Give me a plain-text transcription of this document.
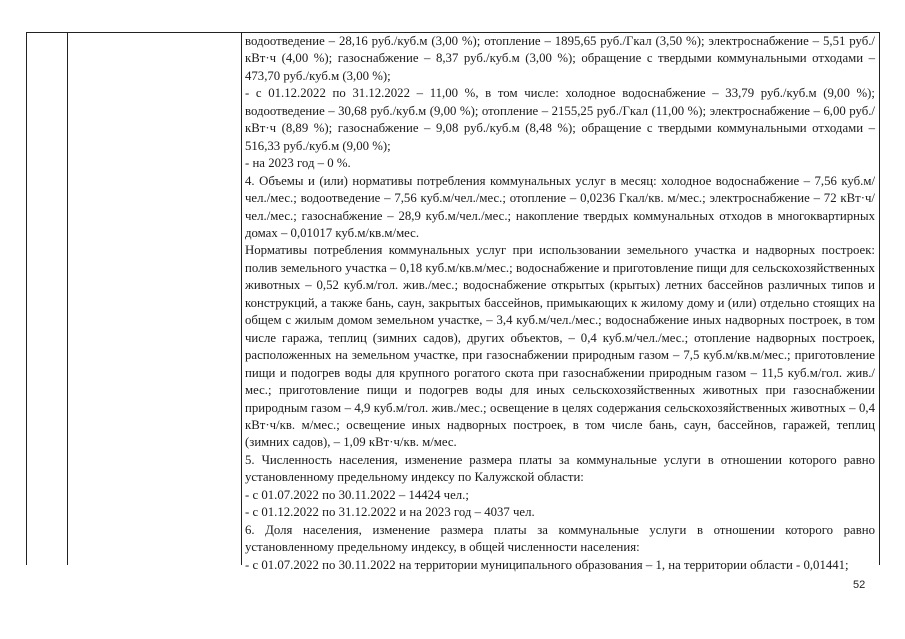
водоотведение – 28,16 руб./куб.м (3,00 %); отопление – 1895,65 руб./Гкал (3,50 %); электроснабжение – 5,51 руб./кВт·ч (4,00 %); газоснабжение – 8,37 руб./куб.м (3,00 %); обращение с твердыми коммунальными отходами – 473,70 руб./куб.м (3,00 %);

- с 01.12.2022 по 31.12.2022 – 11,00 %, в том числе: холодное водоснабжение – 33,79 руб./куб.м (9,00 %); водоотведение – 30,68 руб./куб.м (9,00 %); отопление – 2155,25 руб./Гкал (11,00 %); электроснабжение – 6,00 руб./кВт·ч (8,89 %); газоснабжение – 9,08 руб./куб.м (8,48 %); обращение с твердыми коммунальными отходами – 516,33 руб./куб.м (9,00 %);

- на 2023 год – 0 %.

4. Объемы и (или) нормативы потребления коммунальных услуг в месяц: холодное водоснабжение – 7,56 куб.м/чел./мес.; водоотведение – 7,56 куб.м/чел./мес.; отопление – 0,0236 Гкал/кв. м/мес.; электроснабжение – 72 кВт·ч/чел./мес.; газоснабжение – 28,9 куб.м/чел./мес.; накопление твердых коммунальных отходов в многоквартирных домах – 0,01017 куб.м/кв.м/мес.

Нормативы потребления коммунальных услуг при использовании земельного участка и надворных построек: полив земельного участка – 0,18 куб.м/кв.м/мес.; водоснабжение и приготовление пищи для сельскохозяйственных животных – 0,52 куб.м/гол. жив./мес.; водоснабжение открытых (крытых) летних бассейнов различных типов и конструкций, а также бань, саун, закрытых бассейнов, примыкающих к жилому дому и (или) отдельно стоящих на общем с жилым домом земельном участке, – 3,4 куб.м/чел./мес.; водоснабжение иных надворных построек, в том числе гаража, теплиц (зимних садов), других объектов, – 0,4 куб.м/чел./мес.; отопление надворных построек, расположенных на земельном участке, при газоснабжении природным газом – 7,5 куб.м/кв.м/мес.; приготовление пищи и подогрев воды для крупного рогатого скота при газоснабжении природным газом – 11,5 куб.м/гол. жив./мес.; приготовление пищи и подогрев воды для иных сельскохозяйственных животных при газоснабжении природным газом – 4,9 куб.м/гол. жив./мес.; освещение в целях содержания сельскохозяйственных животных – 0,4 кВт·ч/кв. м/мес.; освещение иных надворных построек, в том числе бань, саун, бассейнов, гаражей, теплиц (зимних садов), – 1,09 кВт·ч/кв. м/мес.

5. Численность населения, изменение размера платы за коммунальные услуги в отношении которого равно установленному предельному индексу по Калужской области:

- с 01.07.2022 по 30.11.2022 – 14424 чел.;

- с 01.12.2022 по 31.12.2022 и на 2023 год – 4037 чел.

6. Доля населения, изменение размера платы за коммунальные услуги в отношении которого равно установленному предельному индексу, в общей численности населения:

- с 01.07.2022 по 30.11.2022 на территории муниципального образования – 1, на территории области - 0,01441;

52
